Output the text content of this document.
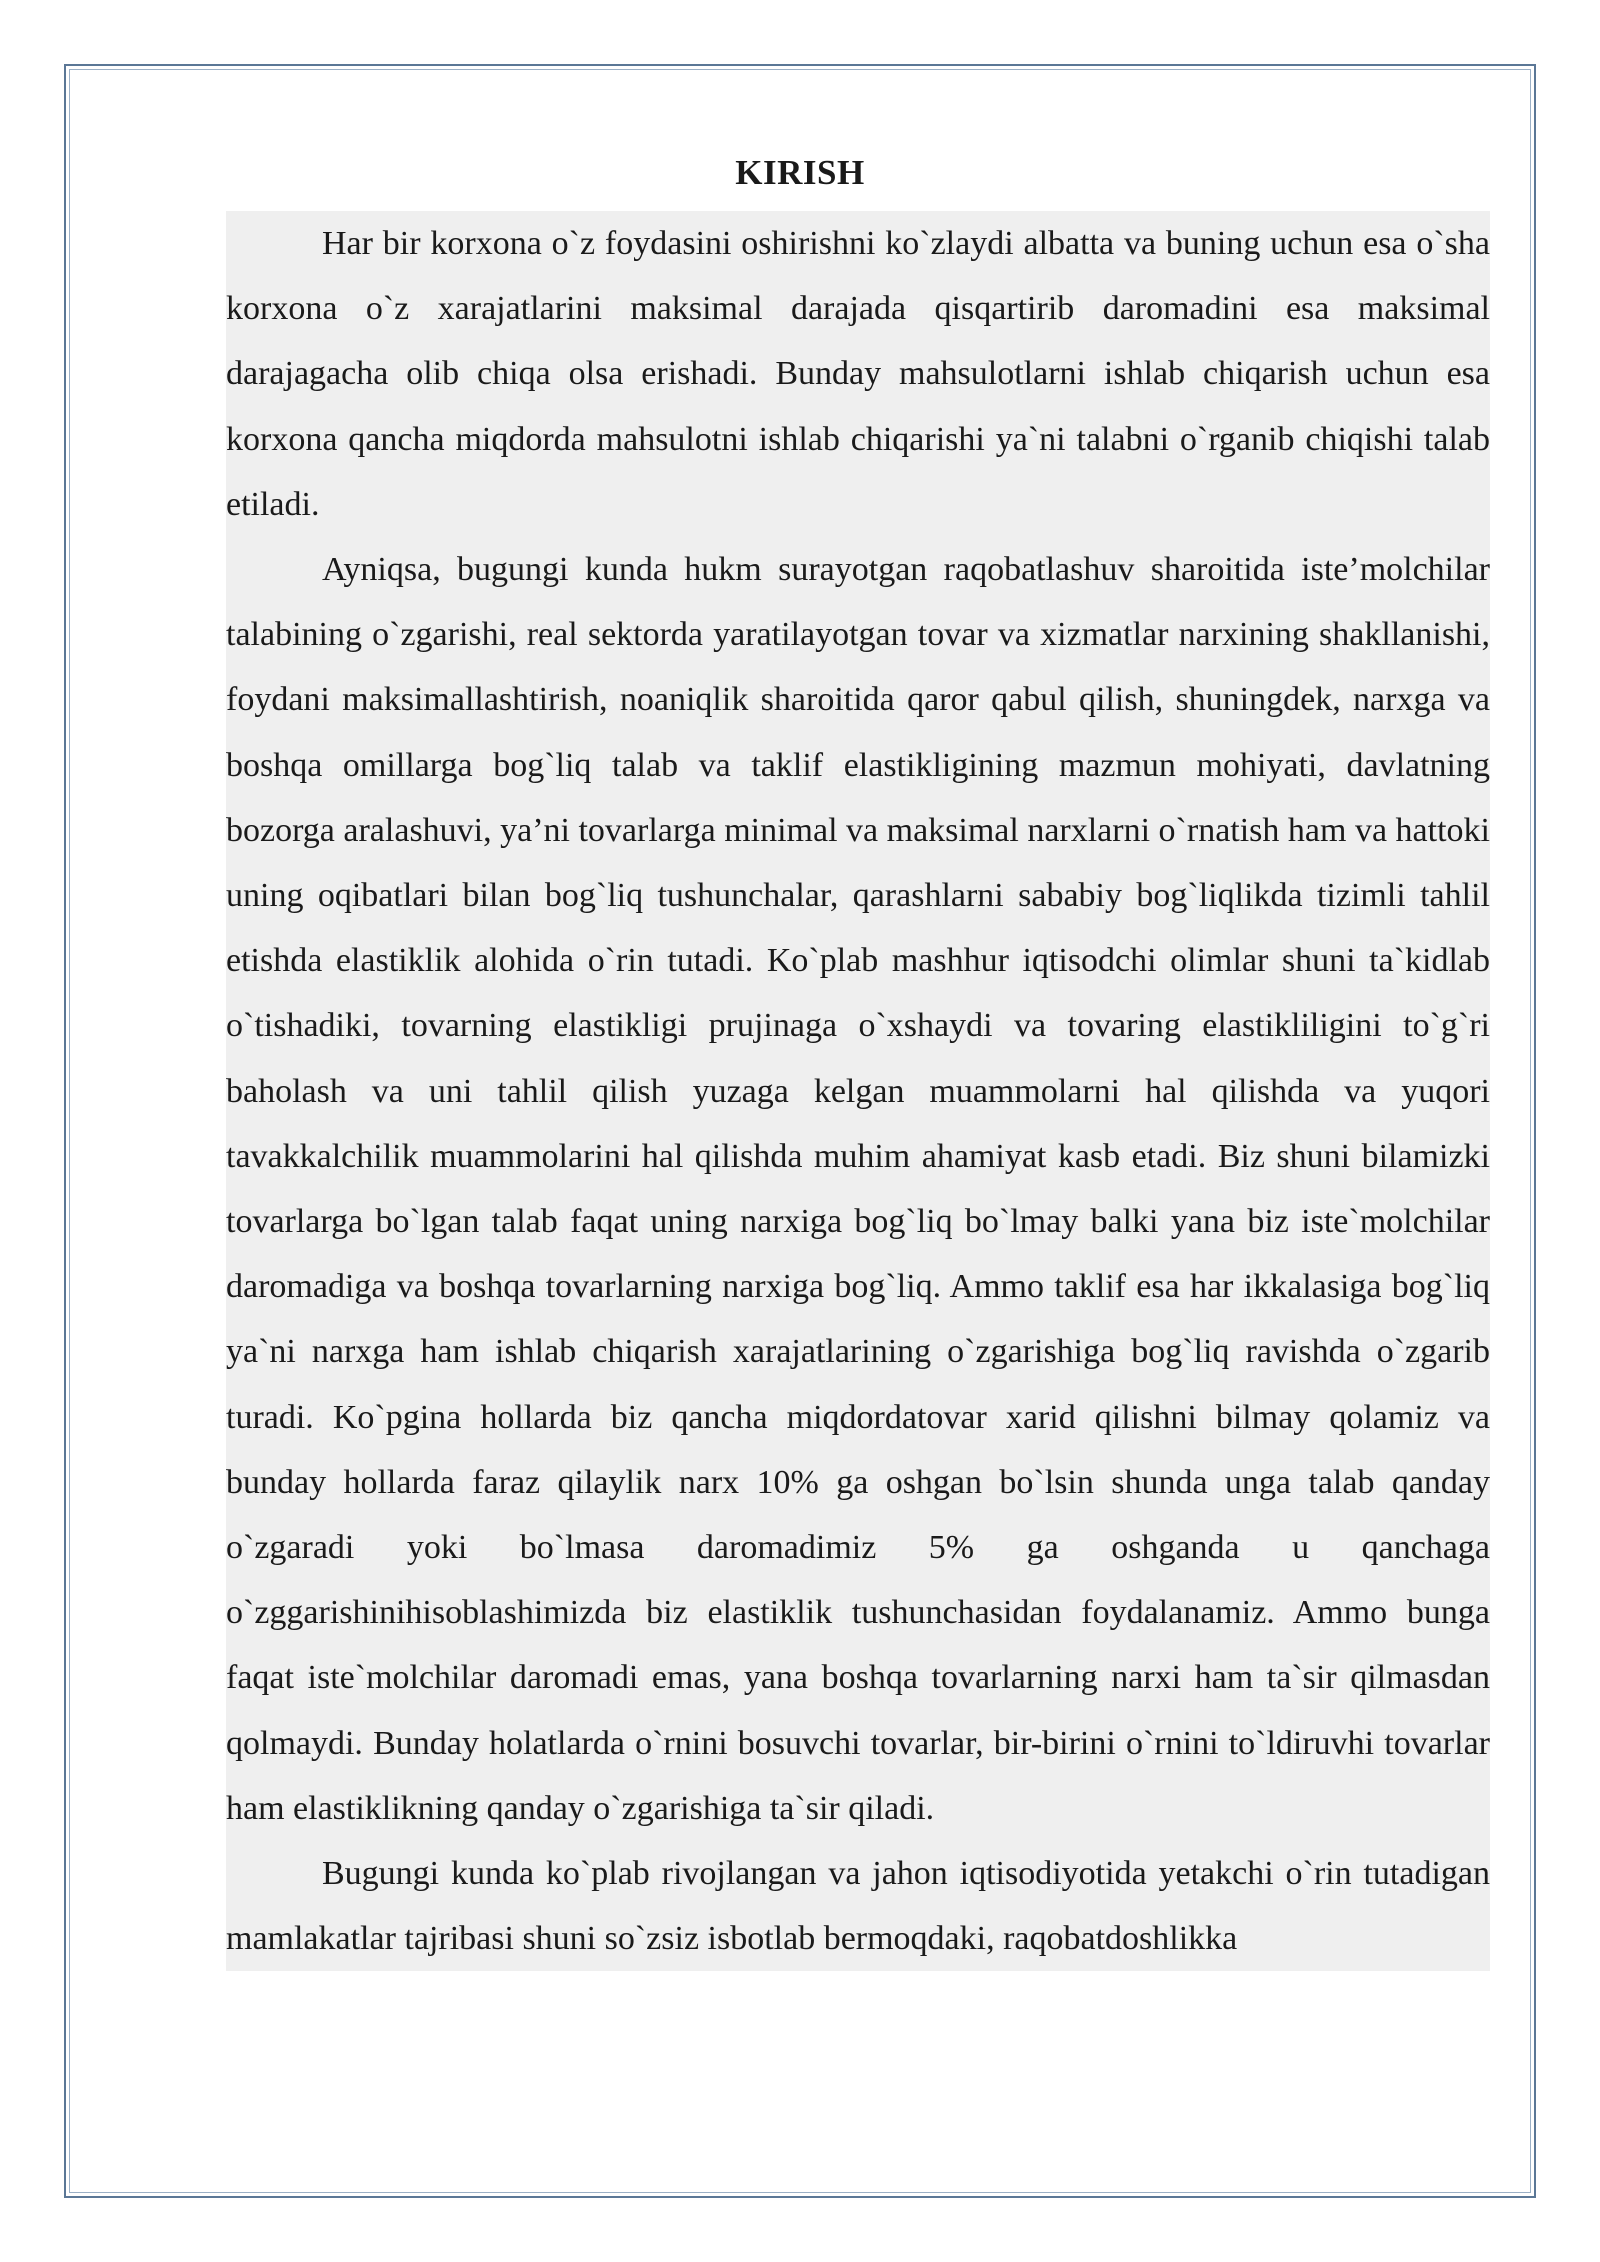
KIRISH

Har bir korxona o`z foydasini oshirishni ko`zlaydi albatta va buning uchun esa o`sha korxona o`z xarajatlarini maksimal darajada qisqartirib daromadini esa maksimal darajagacha olib chiqa olsa erishadi. Bunday mahsulotlarni ishlab chiqarish uchun esa korxona qancha miqdorda mahsulotni ishlab chiqarishi ya`ni talabni o`rganib chiqishi talab etiladi.

Ayniqsa, bugungi kunda hukm surayotgan raqobatlashuv sharoitida iste’molchilar talabining o`zgarishi, real sektorda yaratilayotgan tovar va xizmatlar narxining shakllanishi, foydani maksimallashtirish, noaniqlik sharoitida qaror qabul qilish, shuningdek, narxga va boshqa omillarga bog`liq talab va taklif elastikligining mazmun mohiyati, davlatning bozorga aralashuvi, ya’ni tovarlarga minimal va maksimal narxlarni o`rnatish ham va hattoki uning oqibatlari bilan bog`liq tushunchalar, qarashlarni sababiy bog`liqlikda tizimli tahlil etishda elastiklik alohida o`rin tutadi. Ko`plab mashhur iqtisodchi olimlar shuni ta`kidlab o`tishadiki, tovarning elastikligi prujinaga o`xshaydi va tovaring elastikliligini to`g`ri baholash va uni tahlil qilish yuzaga kelgan muammolarni hal qilishda va yuqori tavakkalchilik muammolarini hal qilishda muhim ahamiyat kasb etadi. Biz shuni bilamizki tovarlarga bo`lgan talab faqat uning narxiga bog`liq bo`lmay balki yana biz iste`molchilar daromadiga va boshqa tovarlarning narxiga bog`liq. Ammo taklif esa har ikkalasiga bog`liq ya`ni narxga ham ishlab chiqarish xarajatlarining o`zgarishiga bog`liq ravishda o`zgarib turadi. Ko`pgina hollarda biz qancha miqdordatovar xarid qilishni bilmay qolamiz va bunday hollarda faraz qilaylik narx 10% ga oshgan bo`lsin shunda unga talab qanday o`zgaradi yoki bo`lmasa daromadimiz 5% ga oshganda u qanchaga o`zggarishinihisoblashimizda biz elastiklik tushunchasidan foydalanamiz. Ammo bunga faqat iste`molchilar daromadi emas, yana boshqa tovarlarning narxi ham ta`sir qilmasdan qolmaydi. Bunday holatlarda o`rnini bosuvchi tovarlar, bir-birini o`rnini to`ldiruvhi tovarlar ham elastiklikning qanday o`zgarishiga ta`sir qiladi.

Bugungi kunda ko`plab rivojlangan va jahon iqtisodiyotida yetakchi o`rin tutadigan mamlakatlar tajribasi shuni so`zsiz isbotlab bermoqdaki, raqobatdoshlikka
